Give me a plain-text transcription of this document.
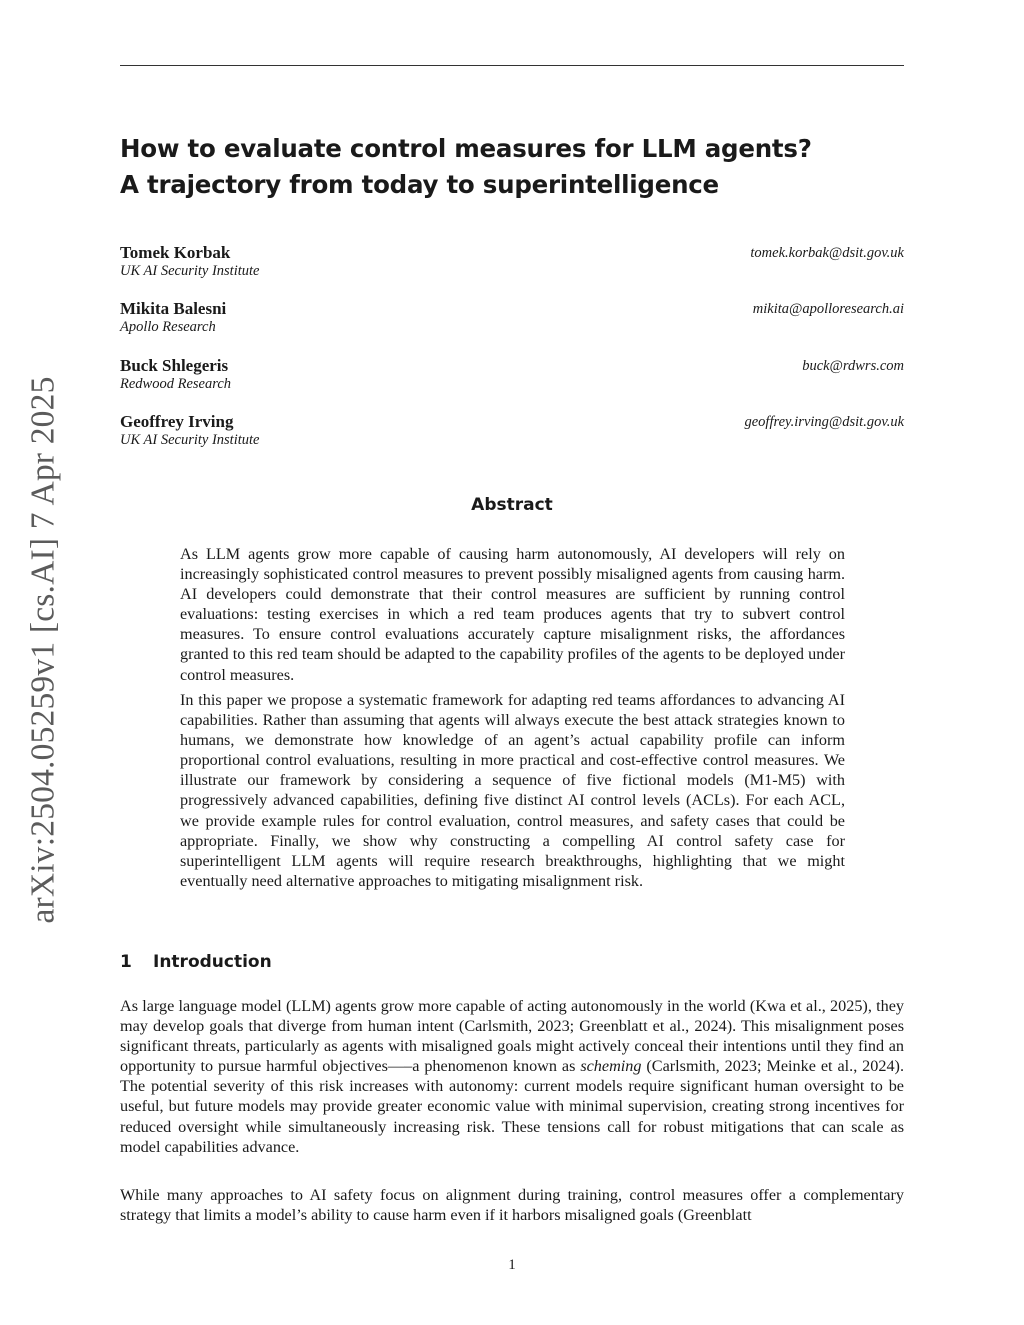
arXiv:2504.05259v1 [cs.AI] 7 Apr 2025
How to evaluate control measures for LLM agents?
A trajectory from today to superintelligence
Tomek Korbak
UK AI Security Institute
tomek.korbak@dsit.gov.uk
Mikita Balesni
Apollo Research
mikita@apolloresearch.ai
Buck Shlegeris
Redwood Research
buck@rdwrs.com
Geoffrey Irving
UK AI Security Institute
geoffrey.irving@dsit.gov.uk
Abstract

As LLM agents grow more capable of causing harm autonomously, AI developers will rely on increasingly sophisticated control measures to prevent possibly misaligned agents from causing harm. AI developers could demonstrate that their control measures are sufficient by running control evaluations: testing exercises in which a red team produces agents that try to subvert control measures. To ensure control evaluations accurately capture misalignment risks, the affordances granted to this red team should be adapted to the capability profiles of the agents to be deployed under control measures.

In this paper we propose a systematic framework for adapting red teams affordances to advancing AI capabilities. Rather than assuming that agents will always execute the best attack strategies known to humans, we demonstrate how knowledge of an agent’s actual capability profile can inform proportional control evaluations, resulting in more practical and cost-effective control measures. We illustrate our framework by considering a sequence of five fictional models (M1-M5) with progressively advanced capabilities, defining five distinct AI control levels (ACLs). For each ACL, we provide example rules for control evaluation, control measures, and safety cases that could be appropriate. Finally, we show why constructing a compelling AI control safety case for superintelligent LLM agents will require research breakthroughs, highlighting that we might eventually need alternative approaches to mitigating misalignment risk.

1 Introduction

As large language model (LLM) agents grow more capable of acting autonomously in the world (Kwa et al., 2025), they may develop goals that diverge from human intent (Carlsmith, 2023; Greenblatt et al., 2024). This misalignment poses significant threats, particularly as agents with misaligned goals might actively conceal their intentions until they find an opportunity to pursue harmful objectives—–a phenomenon known as scheming (Carlsmith, 2023; Meinke et al., 2024). The potential severity of this risk increases with autonomy: current models require significant human oversight to be useful, but future models may provide greater economic value with minimal supervision, creating strong incentives for reduced oversight while simultaneously increasing risk. These tensions call for robust mitigations that can scale as model capabilities advance.

While many approaches to AI safety focus on alignment during training, control measures offer a complementary strategy that limits a model’s ability to cause harm even if it harbors misaligned goals (Greenblatt

1
